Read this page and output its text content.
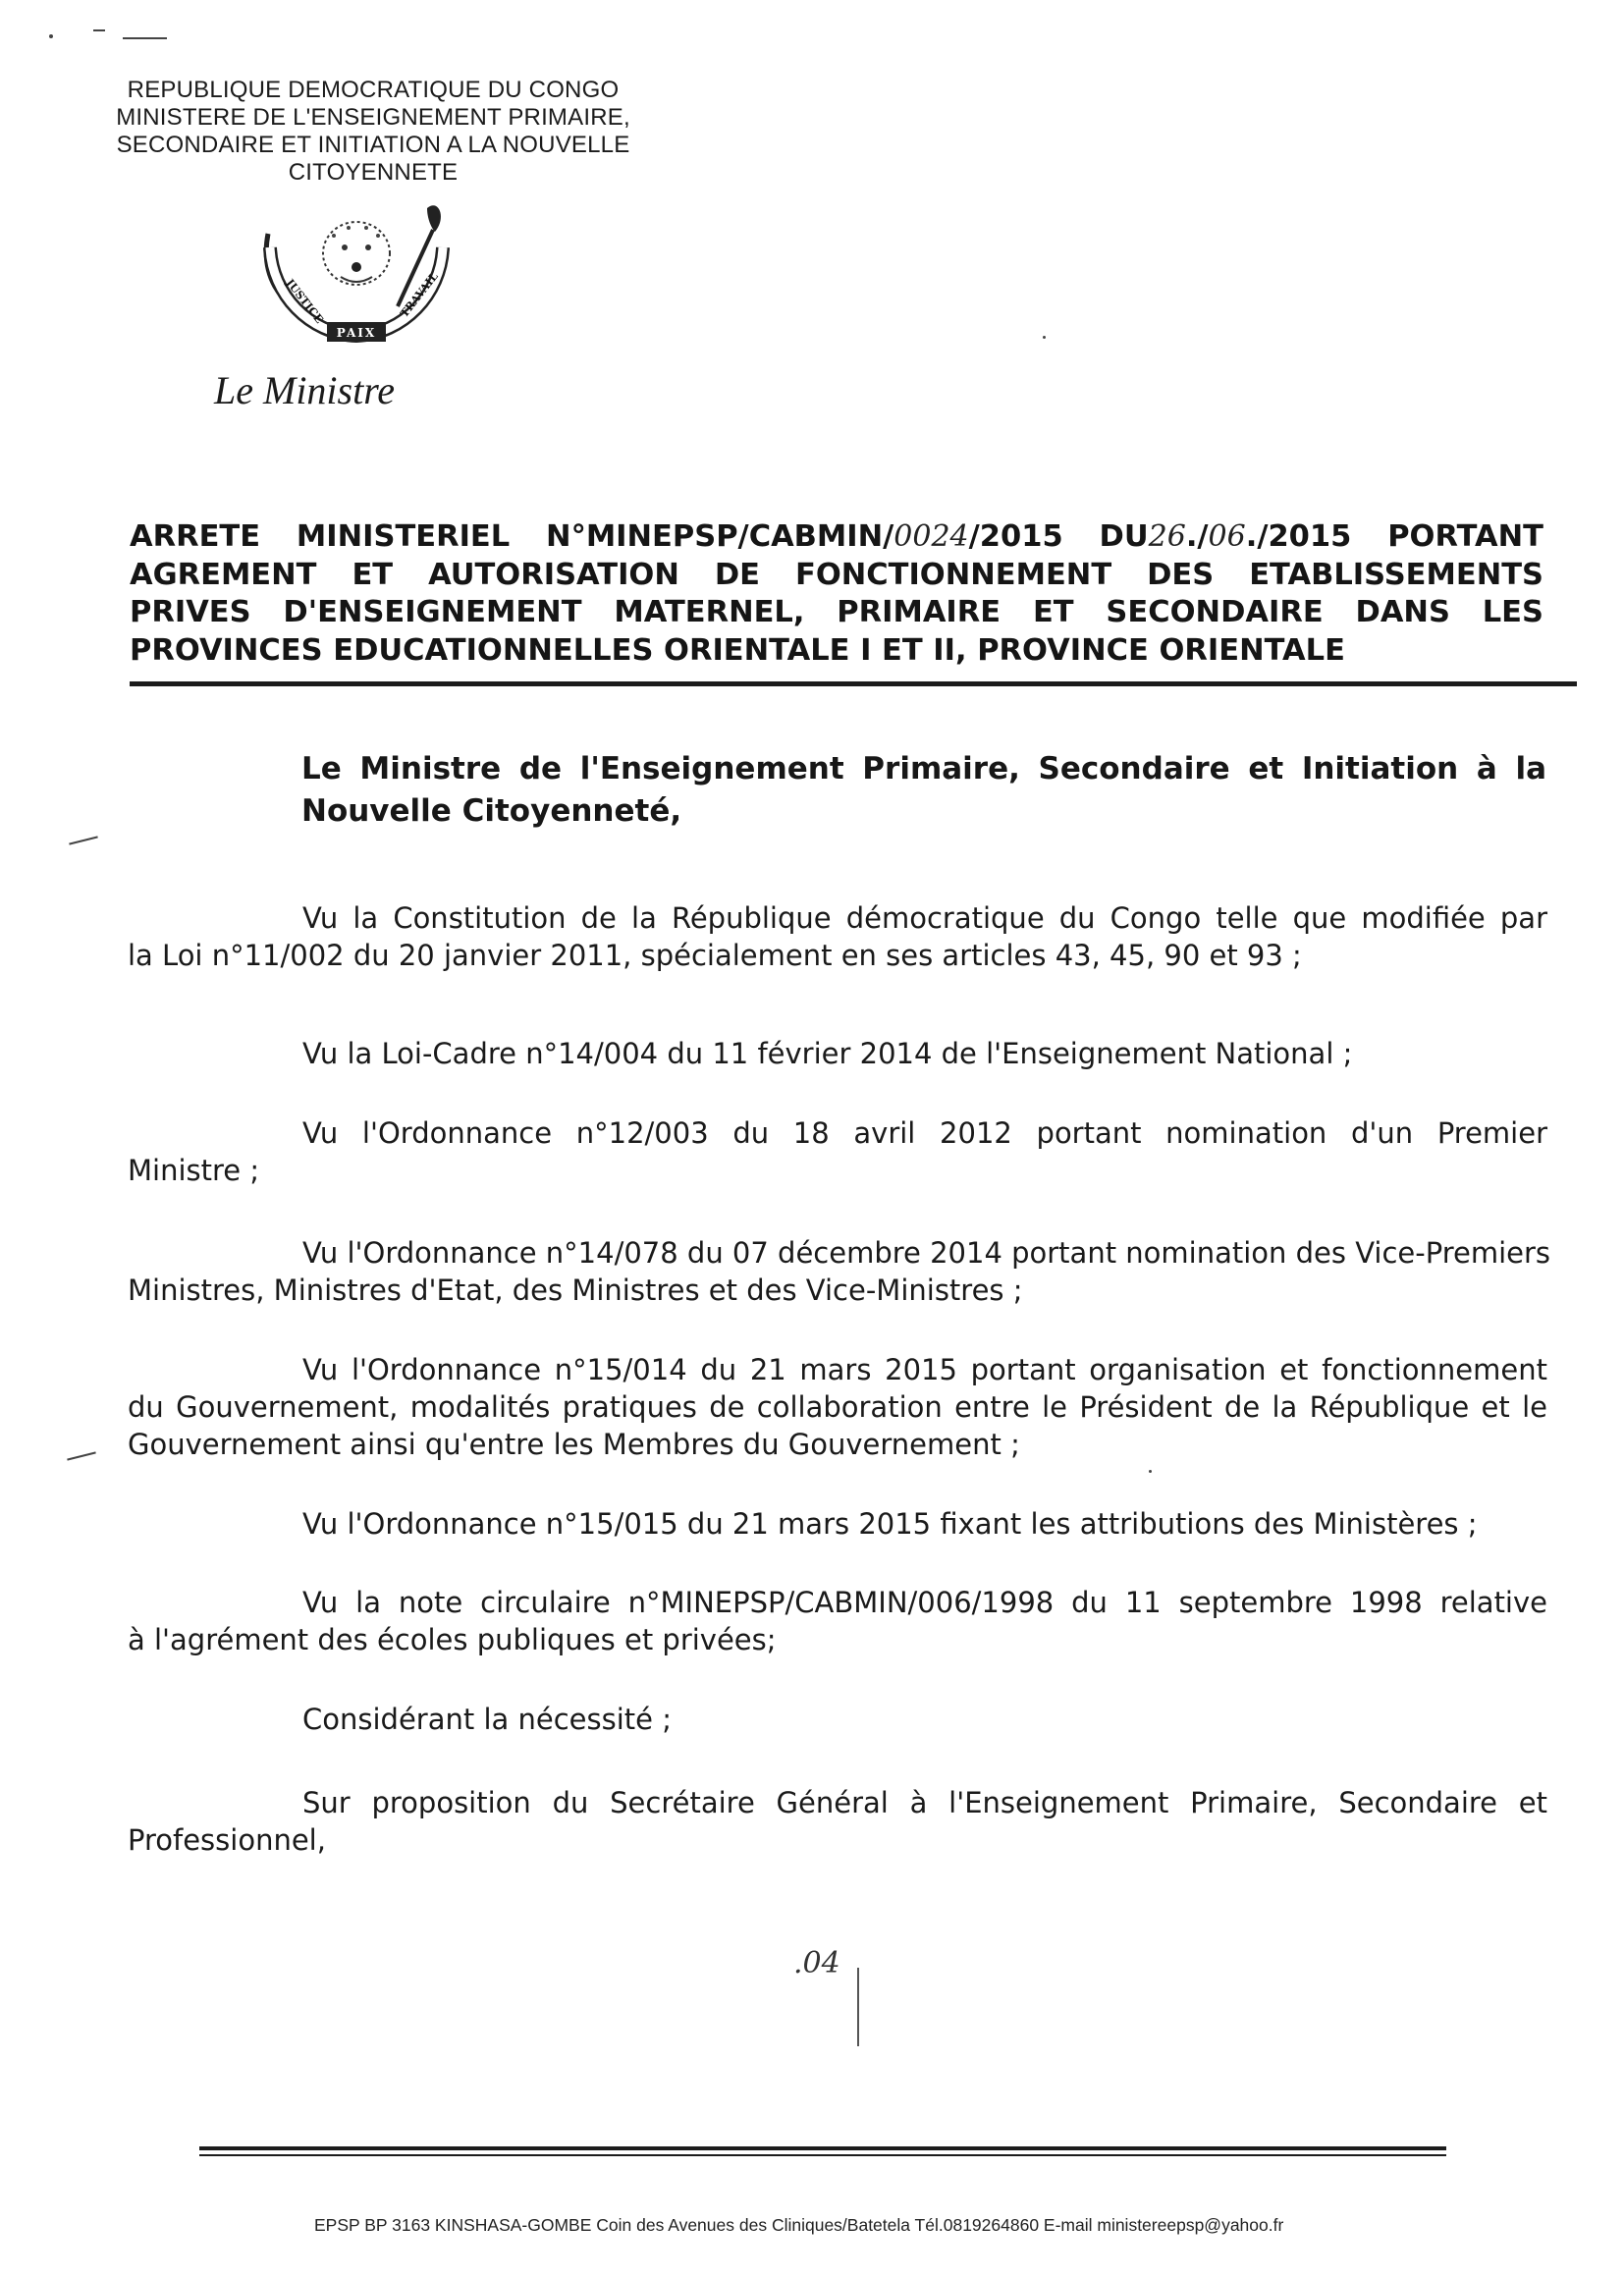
REPUBLIQUE DEMOCRATIQUE DU CONGO
MINISTERE DE L'ENSEIGNEMENT PRIMAIRE,
SECONDAIRE ET INITIATION A LA NOUVELLE
CITOYENNETE
JUSTICE
PAIX
TRAVAIL
Le Ministre
ARRETE MINISTERIEL N°MINEPSP/CABMIN/0024/2015 DU26./06./2015 PORTANT
AGREMENT ET AUTORISATION DE FONCTIONNEMENT DES ETABLISSEMENTS
PRIVES D'ENSEIGNEMENT MATERNEL, PRIMAIRE ET SECONDAIRE DANS LES
PROVINCES EDUCATIONNELLES ORIENTALE I ET II, PROVINCE ORIENTALE
Le Ministre de l'Enseignement Primaire, Secondaire et Initiation à la
Nouvelle Citoyenneté,
Vu la Constitution de la République démocratique du Congo telle que modifiée par
la Loi n°11/002 du 20 janvier 2011, spécialement en ses articles 43, 45, 90 et 93 ;
Vu la Loi-Cadre n°14/004 du 11 février 2014 de l'Enseignement National ;
Vu l'Ordonnance n°12/003 du 18 avril 2012 portant nomination d'un Premier
Ministre ;
Vu l'Ordonnance n°14/078 du 07 décembre 2014 portant nomination des Vice-Premiers
Ministres, Ministres d'Etat, des Ministres et des Vice-Ministres ;
Vu l'Ordonnance n°15/014 du 21 mars 2015 portant organisation et fonctionnement
du Gouvernement, modalités pratiques de collaboration entre le Président de la République et le
Gouvernement ainsi qu'entre les Membres du Gouvernement ;
Vu l'Ordonnance n°15/015 du 21 mars 2015 fixant les attributions des Ministères ;
Vu la note circulaire n°MINEPSP/CABMIN/006/1998 du 11 septembre 1998 relative
à l'agrément des écoles publiques et privées;
Considérant la nécessité ;
Sur proposition du Secrétaire Général à l'Enseignement Primaire, Secondaire et
Professionnel,
.04
EPSP BP 3163 KINSHASA-GOMBE Coin des Avenues des Cliniques/Batetela Tél.0819264860 E-mail ministereepsp@yahoo.fr
